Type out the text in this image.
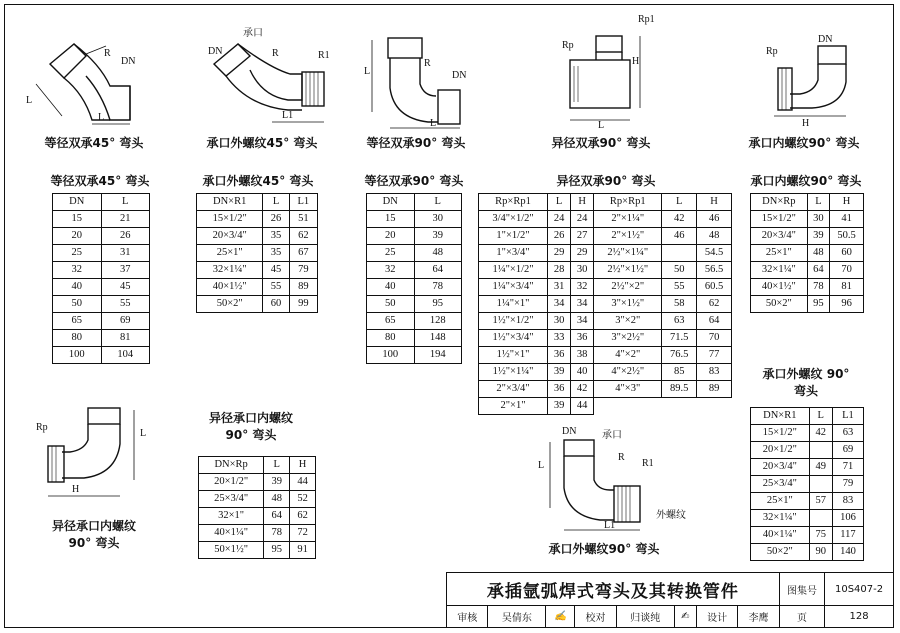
R
DN
L
L
等径双承45° 弯头
DN
承口
R	R1
L1
承口外螺纹45° 弯头
R
DN
L
L
等径双承90° 弯头
Rp1
Rp
H
L
异径双承90° 弯头
DN
Rp
H
承口内螺纹90° 弯头
Rp
L
H
异径承口内螺纹 90° 弯头
DN	承口
R
R1
外螺纹
L1
L
承口外螺纹90° 弯头
等径双承45° 弯头
DN	L
15	21
20	26
25	31
32	37
40	45
50	55
65	69
80	81
100	104
承口外螺纹45° 弯头
DN×R1	L	L1
15×1/2"	26	51
20×3/4"	35	62
25×1"	35	67
32×1¼"	45	79
40×1½"	55	89
50×2"	60	99
等径双承90° 弯头
DN	L
15	30
20	39
25	48
32	64
40	78
50	95
65	128
80	148
100	194
异径双承90° 弯头
Rp×Rp1	L	H	Rp×Rp1	L	H
3/4"×1/2"	24	24	2"×1¼"	42	46
1"×1/2"	26	27	2"×1½"	46	48
1"×3/4"	29	29	2½"×1¼"		54.5
1¼"×1/2"	28	30	2½"×1½"	50	56.5
1¼"×3/4"	31	32	2½"×2"	55	60.5
1¼"×1"	34	34	3"×1½"	58	62
1½"×1/2"	30	34	3"×2"	63	64
1½"×3/4"	33	36	3"×2½"	71.5	70
1½"×1"	36	38	4"×2"	76.5	77
1½"×1¼"	39	40	4"×2½"	85	83
2"×3/4"	36	42	4"×3"	89.5	89
2"×1"	39	44			
承口内螺纹90° 弯头
DN×Rp	L	H
15×1/2"	30	41
20×3/4"	39	50.5
25×1"	48	60
32×1¼"	64	70
40×1½"	78	81
50×2"	95	96
异径承口内螺纹 90° 弯头
DN×Rp	L	H
20×1/2"	39	44
25×3/4"	48	52
32×1"	64	62
40×1¼"	78	72
50×1½"	95	91
承口外螺纹 90° 弯头
DN×R1	L	L1
15×1/2"	42	63
20×1/2"		69
20×3/4"	49	71
25×3/4"		79
25×1"	57	83
32×1¼"		106
40×1¼"	75	117
50×2"	90	140
承插氩弧焊式弯头及其转换管件								图集号	10S407-2
审核	吴倩东	✍	校对	归谈纯	✍	设计	李鹰	页	128
